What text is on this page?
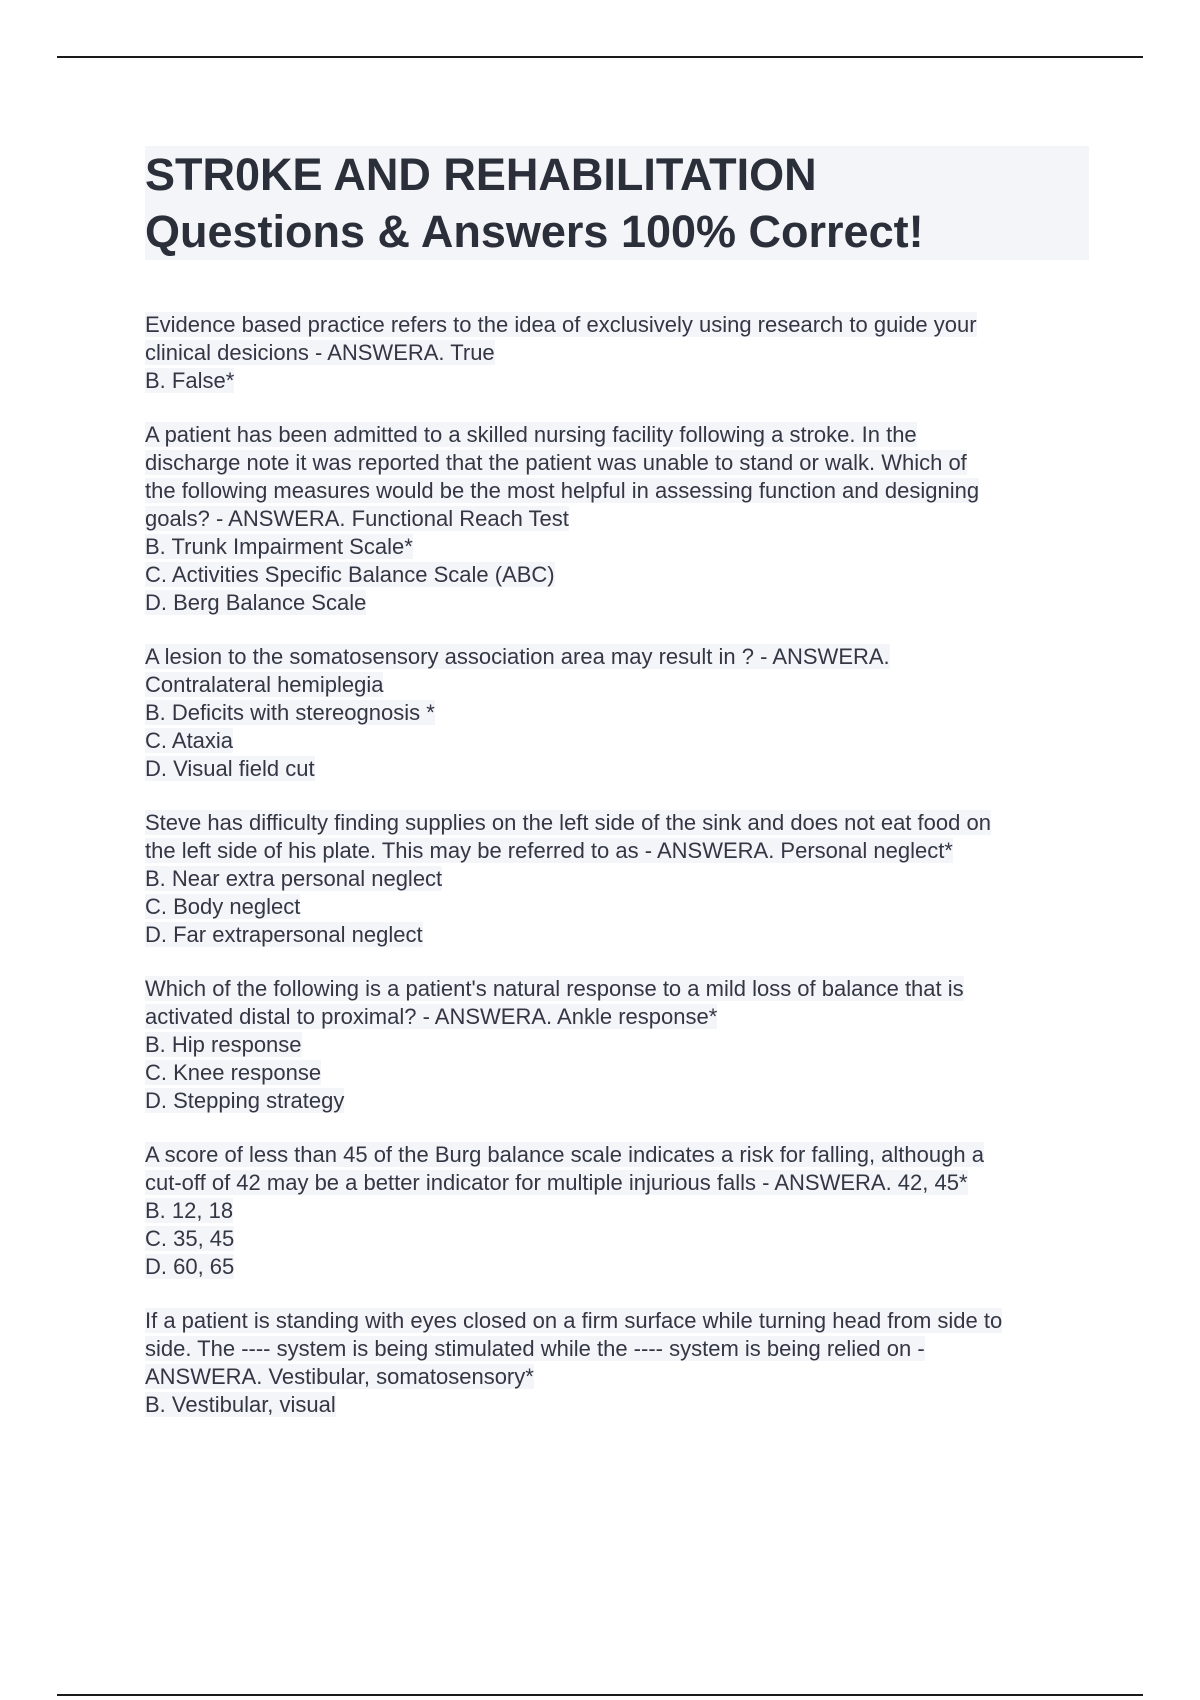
STR0KE AND REHABILITATION
Questions & Answers 100% Correct!
Evidence based practice refers to the idea of exclusively using research to guide your
clinical desicions - ANSWERA. True
B. False*
A patient has been admitted to a skilled nursing facility following a stroke. In the
discharge note it was reported that the patient was unable to stand or walk. Which of
the following measures would be the most helpful in assessing function and designing
goals? - ANSWERA. Functional Reach Test
B. Trunk Impairment Scale*
C. Activities Specific Balance Scale (ABC)
D. Berg Balance Scale
A lesion to the somatosensory association area may result in ? - ANSWERA.
Contralateral hemiplegia
B. Deficits with stereognosis *
C. Ataxia
D. Visual field cut
Steve has difficulty finding supplies on the left side of the sink and does not eat food on
the left side of his plate. This may be referred to as - ANSWERA. Personal neglect*
B. Near extra personal neglect
C. Body neglect
D. Far extrapersonal neglect
Which of the following is a patient's natural response to a mild loss of balance that is
activated distal to proximal? - ANSWERA. Ankle response*
B. Hip response
C. Knee response
D. Stepping strategy
A score of less than 45 of the Burg balance scale indicates a risk for falling, although a
cut-off of 42 may be a better indicator for multiple injurious falls - ANSWERA. 42, 45*
B. 12, 18
C. 35, 45
D. 60, 65
If a patient is standing with eyes closed on a firm surface while turning head from side to
side. The ---- system is being stimulated while the ---- system is being relied on -
ANSWERA. Vestibular, somatosensory*
B. Vestibular, visual
